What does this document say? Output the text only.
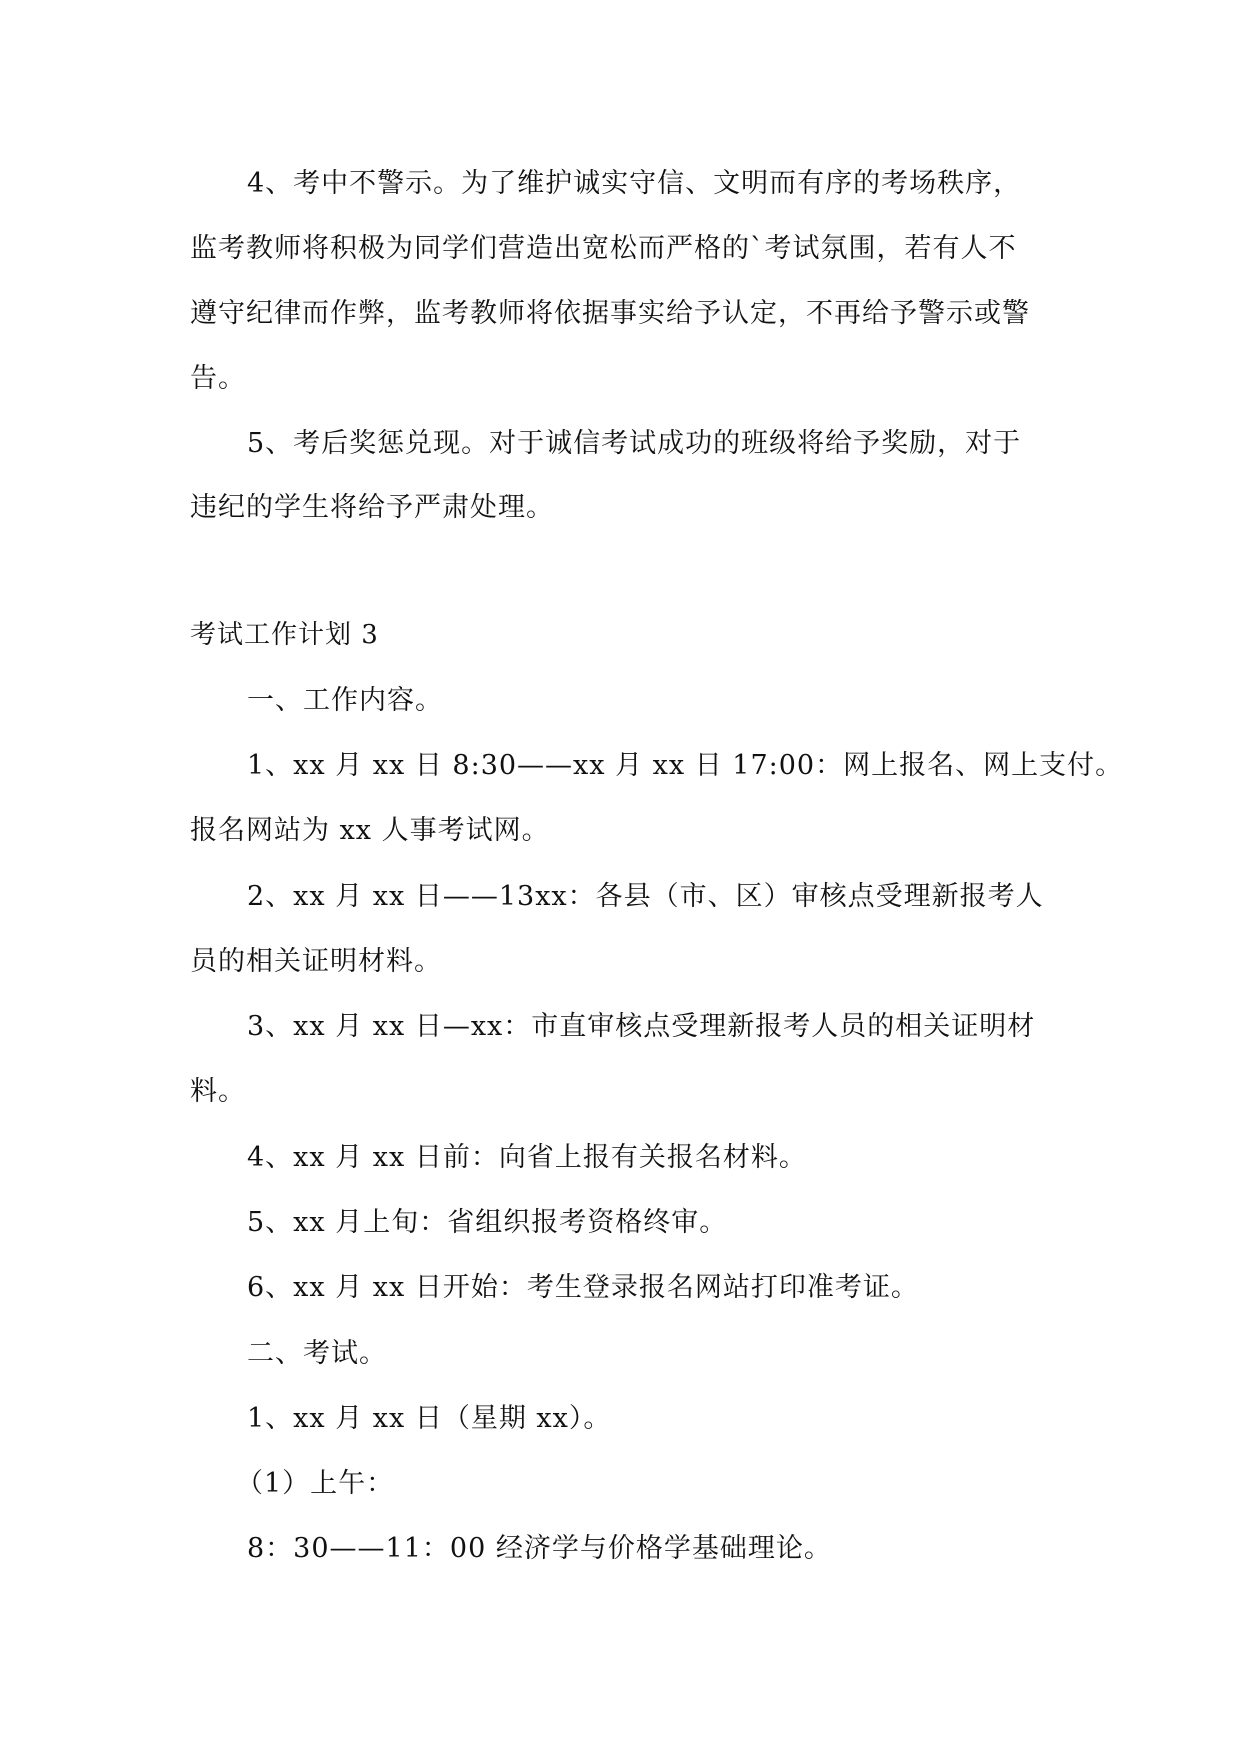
4、考中不警示。为了维护诚实守信、文明而有序的考场秩序，
监考教师将积极为同学们营造出宽松而严格的`考试氛围，若有人不
遵守纪律而作弊，监考教师将依据事实给予认定，不再给予警示或警
告。
5、考后奖惩兑现。对于诚信考试成功的班级将给予奖励，对于
违纪的学生将给予严肃处理。
考试工作计划 3
一、工作内容。
1、xx 月 xx 日 8:30——xx 月 xx 日 17:00：网上报名、网上支付。
报名网站为 xx 人事考试网。
2、xx 月 xx 日——13xx：各县（市、区）审核点受理新报考人
员的相关证明材料。
3、xx 月 xx 日—xx：市直审核点受理新报考人员的相关证明材
料。
4、xx 月 xx 日前：向省上报有关报名材料。
5、xx 月上旬：省组织报考资格终审。
6、xx 月 xx 日开始：考生登录报名网站打印准考证。
二、考试。
1、xx 月 xx 日（星期 xx）。
（1）上午：
8：30——11：00 经济学与价格学基础理论。
